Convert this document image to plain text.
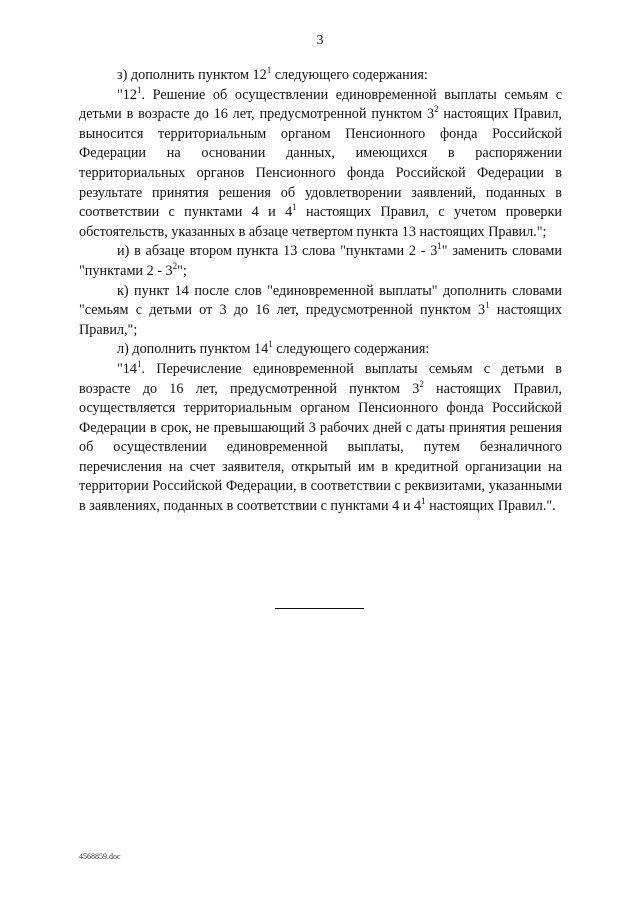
3

з) дополнить пунктом $12^1$ следующего содержания:

"$12^1$. Решение об осуществлении единовременной выплаты семьям с детьми в возрасте до 16 лет, предусмотренной пунктом $3^2$ настоящих Правил, выносится территориальным органом Пенсионного фонда Российской Федерации на основании данных, имеющихся в распоряжении территориальных органов Пенсионного фонда Российской Федерации в результате принятия решения об удовлетворении заявлений, поданных в соответствии с пунктами 4 и $4^1$ настоящих Правил, с учетом проверки обстоятельств, указанных в абзаце четвертом пункта 13 настоящих Правил.";

и) в абзаце втором пункта 13 слова "пунктами $2 - 3^1$" заменить словами "пунктами $2 - 3^2$";

к) пункт 14 после слов "единовременной выплаты" дополнить словами "семьям с детьми от 3 до 16 лет, предусмотренной пунктом $3^1$ настоящих Правил,";

л) дополнить пунктом $14^1$ следующего содержания:

"$14^1$. Перечисление единовременной выплаты семьям с детьми в возрасте до 16 лет, предусмотренной пунктом $3^2$ настоящих Правил, осуществляется территориальным органом Пенсионного фонда Российской Федерации в срок, не превышающий 3 рабочих дней с даты принятия решения об осуществлении единовременной выплаты, путем безналичного перечисления на счет заявителя, открытый им в кредитной организации на территории Российской Федерации, в соответствии с реквизитами, указанными в заявлениях, поданных в соответствии с пунктами 4 и $4^1$ настоящих Правил.".

4568859.doc
